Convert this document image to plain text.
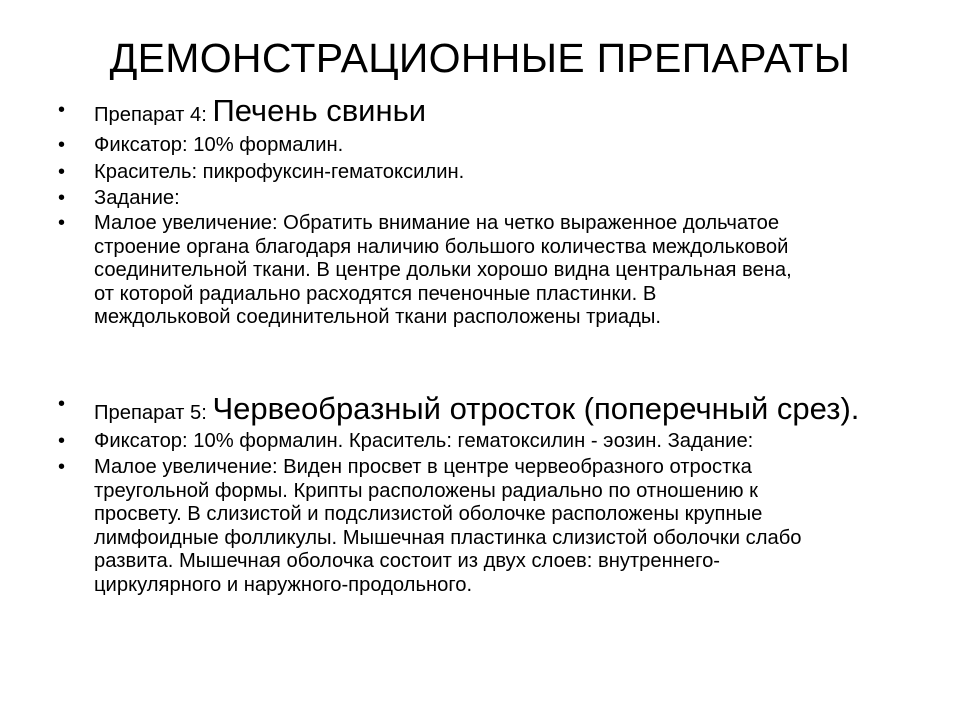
ДЕМОНСТРАЦИОННЫЕ ПРЕПАРАТЫ
• Препарат 4: Печень свиньи
• Фиксатор: 10% формалин.
• Краситель: пикрофуксин-гематоксилин.
• Задание:
• Малое увеличение: Обратить внимание на четко выраженное дольчатое
строение органа благодаря наличию большого количества междольковой
соединительной ткани. В центре дольки хорошо видна центральная вена,
от которой радиально расходятся печеночные пластинки. В
междольковой соединительной ткани расположены триады.
• Препарат 5: Червеобразный отросток (поперечный срез).
• Фиксатор: 10% формалин. Краситель: гематоксилин - эозин. Задание:
• Малое увеличение: Виден просвет в центре червеобразного отростка
треугольной формы. Крипты расположены радиально по отношению к
просвету. В слизистой и подслизистой оболочке расположены крупные
лимфоидные фолликулы. Мышечная пластинка слизистой оболочки слабо
развита. Мышечная оболочка состоит из двух слоев: внутреннего-
циркулярного и наружного-продольного.
